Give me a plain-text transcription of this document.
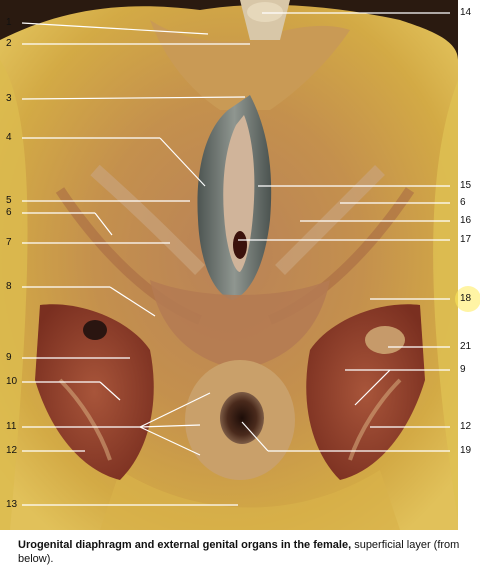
1
2
3
4
5
6
7
8
9
10
11
12
13
14
15
6
16
17
18
21
9
12
19
Urogenital diaphragm and external genital organs in the female, superficial layer (from below).
